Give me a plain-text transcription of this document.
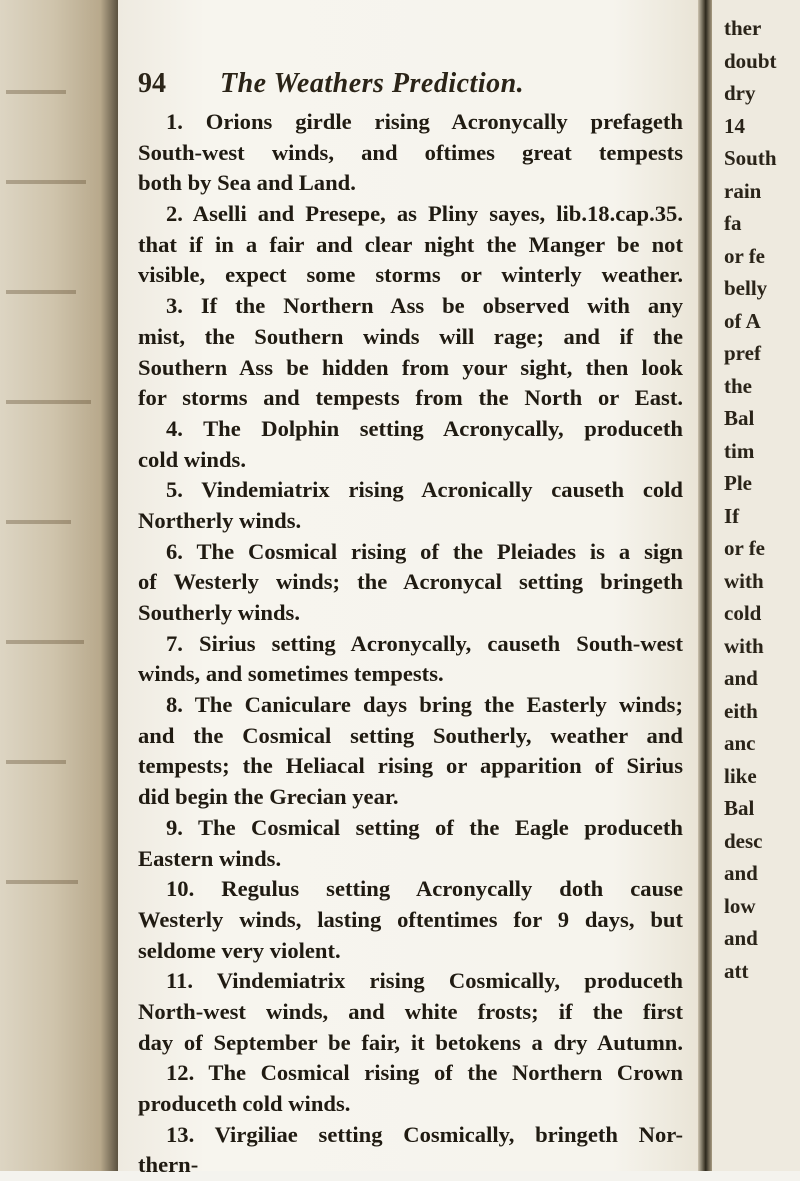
94 The Weathers Prediction.
1. Orions girdle rising Acronycally prefageth
South-west winds, and oftimes great tempests
both by Sea and Land.
2. Aselli and Presepe, as Pliny sayes, lib.18.cap.35.
that if in a fair and clear night the Manger be not
visible, expect some storms or winterly weather.
3. If the Northern Ass be observed with any
mist, the Southern winds will rage; and if the
Southern Ass be hidden from your sight, then look
for storms and tempests from the North or East.
4. The Dolphin setting Acronycally, produceth
cold winds.
5. Vindemiatrix rising Acronically causeth cold
Northerly winds.
6. The Cosmical rising of the Pleiades is a sign
of Westerly winds; the Acronycal setting bringeth
Southerly winds.
7. Sirius setting Acronycally, causeth South-west
winds, and sometimes tempests.
8. The Caniculare days bring the Easterly winds;
and the Cosmical setting Southerly, weather and
tempests; the Heliacal rising or apparition of Sirius
did begin the Grecian year.
9. The Cosmical setting of the Eagle produceth
Eastern winds.
10. Regulus setting Acronycally doth cause
Westerly winds, lasting oftentimes for 9 days, but
seldome very violent.
11. Vindemiatrix rising Cosmically, produceth
North-west winds, and white frosts; if the first
day of September be fair, it betokens a dry Autumn.
12. The Cosmical rising of the Northern Crown
produceth cold winds.
13. Virgiliae setting Cosmically, bringeth Nor-
thern-
ther
doubt
dry
14
South
rain
fa
or fe
belly
of A
pref
the
Bal
tim
Ple
If
or fe
with
cold
with
and
eith
anc
like
Bal
desc
and
low
and
att
